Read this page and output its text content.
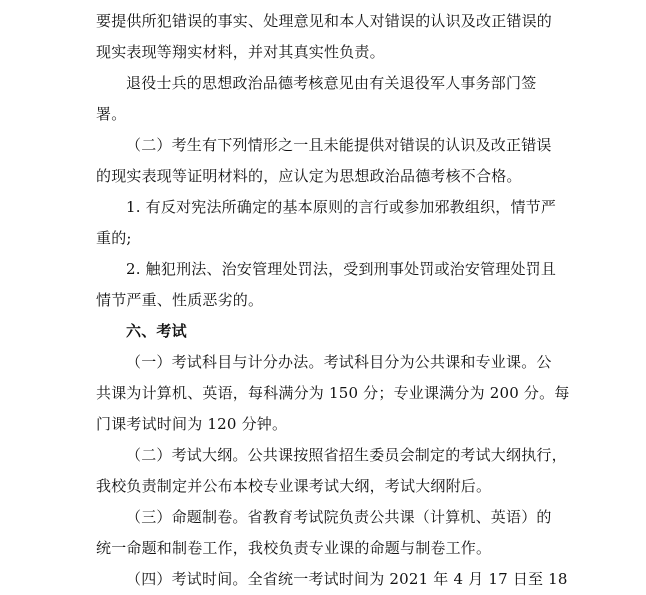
要提供所犯错误的事实、处理意见和本人对错误的认识及改正错误的
现实表现等翔实材料，并对其真实性负责。
退役士兵的思想政治品德考核意见由有关退役军人事务部门签
署。
（二）考生有下列情形之一且未能提供对错误的认识及改正错误
的现实表现等证明材料的，应认定为思想政治品德考核不合格。
1. 有反对宪法所确定的基本原则的言行或参加邪教组织，情节严
重的;
2. 触犯刑法、治安管理处罚法，受到刑事处罚或治安管理处罚且
情节严重、性质恶劣的。
六、考试
（一）考试科目与计分办法。考试科目分为公共课和专业课。公
共课为计算机、英语，每科满分为 150 分；专业课满分为 200 分。每
门课考试时间为 120 分钟。
（二）考试大纲。公共课按照省招生委员会制定的考试大纲执行，
我校负责制定并公布本校专业课考试大纲，考试大纲附后。
（三）命题制卷。省教育考试院负责公共课（计算机、英语）的
统一命题和制卷工作，我校负责专业课的命题与制卷工作。
（四）考试时间。全省统一考试时间为 2021 年 4 月 17 日至 18
